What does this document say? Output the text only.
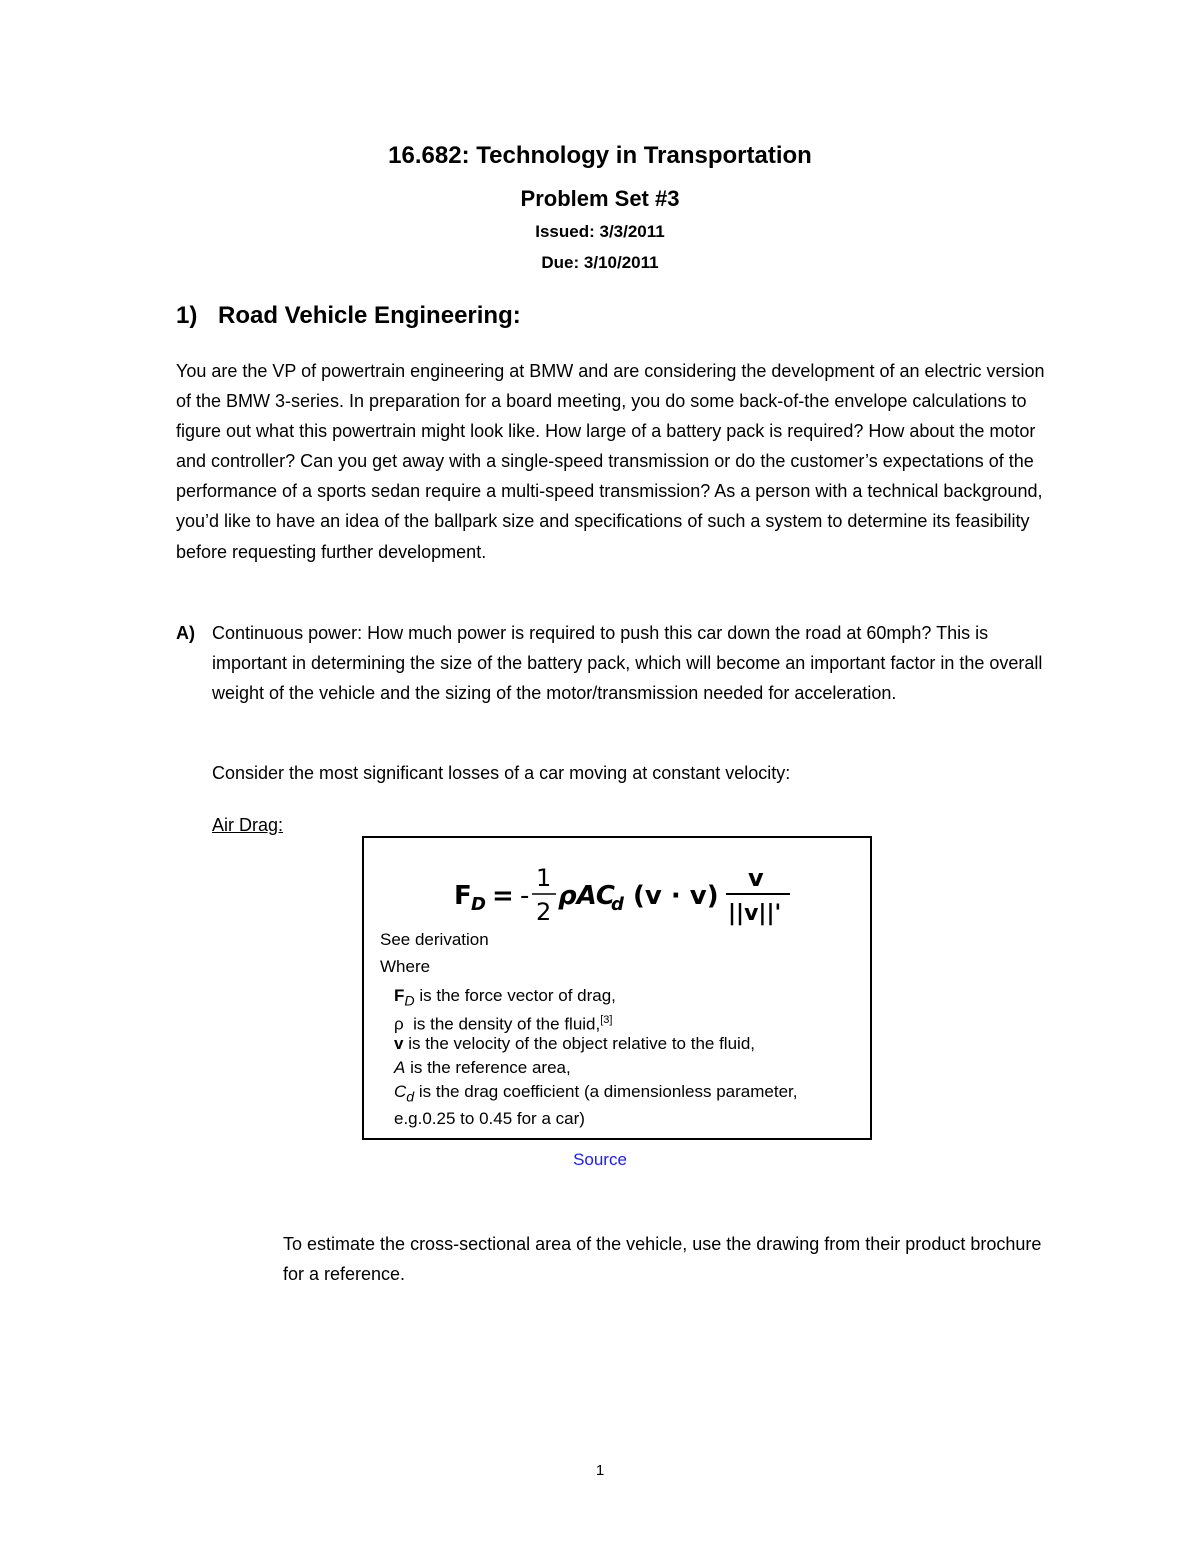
16.682: Technology in Transportation
Problem Set #3
Issued: 3/3/2011
Due: 3/10/2011
1) Road Vehicle Engineering:
You are the VP of powertrain engineering at BMW and are considering the development of an electric version of the BMW 3-series. In preparation for a board meeting, you do some back-of-the envelope calculations to figure out what this powertrain might look like. How large of a battery pack is required? How about the motor and controller? Can you get away with a single-speed transmission or do the customer’s expectations of the performance of a sports sedan require a multi-speed transmission? As a person with a technical background, you’d like to have an idea of the ballpark size and specifications of such a system to determine its feasibility before requesting further development.
A) Continuous power: How much power is required to push this car down the road at 60mph? This is important in determining the size of the battery pack, which will become an important factor in the overall weight of the vehicle and the sizing of the motor/transmission needed for acceleration.
Consider the most significant losses of a car moving at constant velocity:
Air Drag:
F D = -
1
2
ρAC
d (v · v)
v
||v||'
See derivation
Where
$F_D$ is the force vector of drag,
ρ  is the density of the fluid,[3]
v is the velocity of the object relative to the fluid,
A is the reference area,
$C_d$ is the drag coefficient (a dimensionless parameter,
e.g.0.25 to 0.45 for a car)
Source
To estimate the cross-sectional area of the vehicle, use the drawing from their product brochure for a reference.
1
